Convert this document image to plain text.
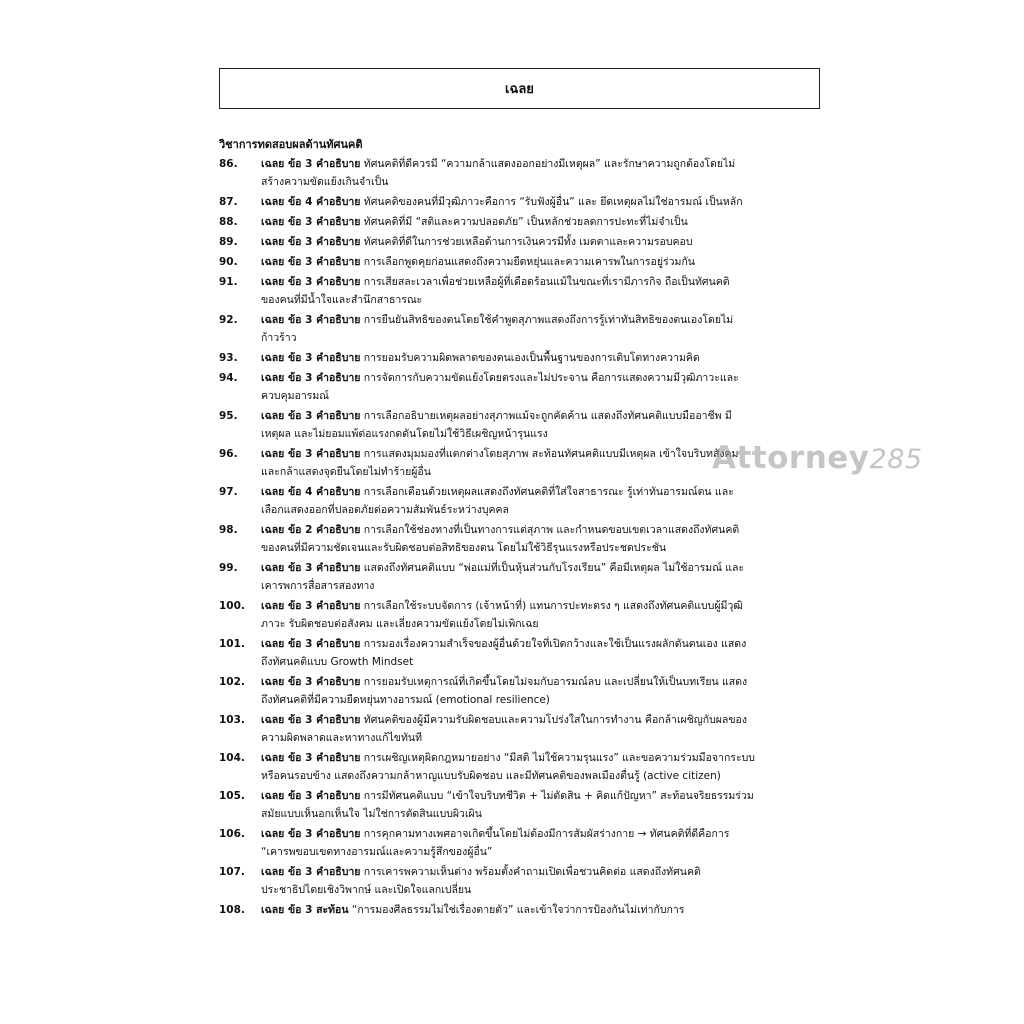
เฉลย
วิชาการทดสอบผลด้านทัศนคติ
86.	เฉลย ข้อ 3 คำอธิบาย ทัศนคติที่ดีควรมี “ความกล้าแสดงออกอย่างมีเหตุผล” และรักษาความถูกต้องโดยไม่
สร้างความขัดแย้งเกินจำเป็น
87.	เฉลย ข้อ 4 คำอธิบาย ทัศนคติของคนที่มีวุฒิภาวะคือการ “รับฟังผู้อื่น” และ ยึดเหตุผลไม่ใช่อารมณ์ เป็นหลัก
88.	เฉลย ข้อ 3 คำอธิบาย ทัศนคติที่มี “สติและความปลอดภัย” เป็นหลักช่วยลดการปะทะที่ไม่จำเป็น
89.	เฉลย ข้อ 3 คำอธิบาย ทัศนคติที่ดีในการช่วยเหลือด้านการเงินควรมีทั้ง เมตตาและความรอบคอบ
90.	เฉลย ข้อ 3 คำอธิบาย การเลือกพูดคุยก่อนแสดงถึงความยืดหยุ่นและความเคารพในการอยู่ร่วมกัน
91.	เฉลย ข้อ 3 คำอธิบาย การเสียสละเวลาเพื่อช่วยเหลือผู้ที่เดือดร้อนแม้ในขณะที่เรามีภารกิจ ถือเป็นทัศนคติ
ของคนที่มีน้ำใจและสำนึกสาธารณะ
92.	เฉลย ข้อ 3 คำอธิบาย การยืนยันสิทธิของตนโดยใช้คำพูดสุภาพแสดงถึงการรู้เท่าทันสิทธิของตนเองโดยไม่
ก้าวร้าว
93.	เฉลย ข้อ 3 คำอธิบาย การยอมรับความผิดพลาดของตนเองเป็นพื้นฐานของการเติบโตทางความคิด
94.	เฉลย ข้อ 3 คำอธิบาย การจัดการกับความขัดแย้งโดยตรงและไม่ประจาน คือการแสดงความมีวุฒิภาวะและ
ควบคุมอารมณ์
95.	เฉลย ข้อ 3 คำอธิบาย การเลือกอธิบายเหตุผลอย่างสุภาพแม้จะถูกคัดค้าน แสดงถึงทัศนคติแบบมืออาชีพ มี
เหตุผล และไม่ยอมแพ้ต่อแรงกดดันโดยไม่ใช้วิธีเผชิญหน้ารุนแรง
96.	เฉลย ข้อ 3 คำอธิบาย การแสดงมุมมองที่แตกต่างโดยสุภาพ สะท้อนทัศนคติแบบมีเหตุผล เข้าใจบริบทสังคม
และกล้าแสดงจุดยืนโดยไม่ทำร้ายผู้อื่น
97.	เฉลย ข้อ 4 คำอธิบาย การเลือกเตือนด้วยเหตุผลแสดงถึงทัศนคติที่ใส่ใจสาธารณะ รู้เท่าทันอารมณ์ตน และ
เลือกแสดงออกที่ปลอดภัยต่อความสัมพันธ์ระหว่างบุคคล
98.	เฉลย ข้อ 2 คำอธิบาย การเลือกใช้ช่องทางที่เป็นทางการแต่สุภาพ และกำหนดขอบเขตเวลาแสดงถึงทัศนคติ
ของคนที่มีความชัดเจนและรับผิดชอบต่อสิทธิของตน โดยไม่ใช้วิธีรุนแรงหรือประชดประชัน
99.	เฉลย ข้อ 3 คำอธิบาย แสดงถึงทัศนคติแบบ “พ่อแม่ที่เป็นหุ้นส่วนกับโรงเรียน” คือมีเหตุผล ไม่ใช้อารมณ์ และ
เคารพการสื่อสารสองทาง
100.	เฉลย ข้อ 3 คำอธิบาย การเลือกใช้ระบบจัดการ (เจ้าหน้าที่) แทนการปะทะตรง ๆ แสดงถึงทัศนคติแบบผู้มีวุฒิ
ภาวะ รับผิดชอบต่อสังคม และเลี่ยงความขัดแย้งโดยไม่เพิกเฉย
101.	เฉลย ข้อ 3 คำอธิบาย การมองเรื่องความสำเร็จของผู้อื่นด้วยใจที่เปิดกว้างและใช้เป็นแรงผลักดันตนเอง แสดง
ถึงทัศนคติแบบ Growth Mindset
102.	เฉลย ข้อ 3 คำอธิบาย การยอมรับเหตุการณ์ที่เกิดขึ้นโดยไม่จมกับอารมณ์ลบ และเปลี่ยนให้เป็นบทเรียน แสดง
ถึงทัศนคติที่มีความยืดหยุ่นทางอารมณ์ (emotional resilience)
103.	เฉลย ข้อ 3 คำอธิบาย ทัศนคติของผู้มีความรับผิดชอบและความโปร่งใสในการทำงาน คือกล้าเผชิญกับผลของ
ความผิดพลาดและหาทางแก้ไขทันที
104.	เฉลย ข้อ 3 คำอธิบาย การเผชิญเหตุผิดกฎหมายอย่าง “มีสติ ไม่ใช้ความรุนแรง” และขอความร่วมมือจากระบบ
หรือคนรอบข้าง แสดงถึงความกล้าหาญแบบรับผิดชอบ และมีทัศนคติของพลเมืองตื่นรู้ (active citizen)
105.	เฉลย ข้อ 3 คำอธิบาย การมีทัศนคติแบบ “เข้าใจบริบทชีวิต + ไม่ตัดสิน + คิดแก้ปัญหา” สะท้อนจริยธรรมร่วม
สมัยแบบเห็นอกเห็นใจ ไม่ใช่การตัดสินแบบผิวเผิน
106.	เฉลย ข้อ 3 คำอธิบาย การคุกคามทางเพศอาจเกิดขึ้นโดยไม่ต้องมีการสัมผัสร่างกาย → ทัศนคติที่ดีคือการ
“เคารพขอบเขตทางอารมณ์และความรู้สึกของผู้อื่น”
107.	เฉลย ข้อ 3 คำอธิบาย การเคารพความเห็นต่าง พร้อมตั้งคำถามเปิดเพื่อชวนคิดต่อ แสดงถึงทัศนคติ
ประชาธิปไตยเชิงวิพากษ์ และเปิดใจแลกเปลี่ยน
108.	เฉลย ข้อ 3 สะท้อน “การมองศีลธรรมไม่ใช่เรื่องตายตัว” และเข้าใจว่าการป้องกันไม่เท่ากับการ
Attorney285
